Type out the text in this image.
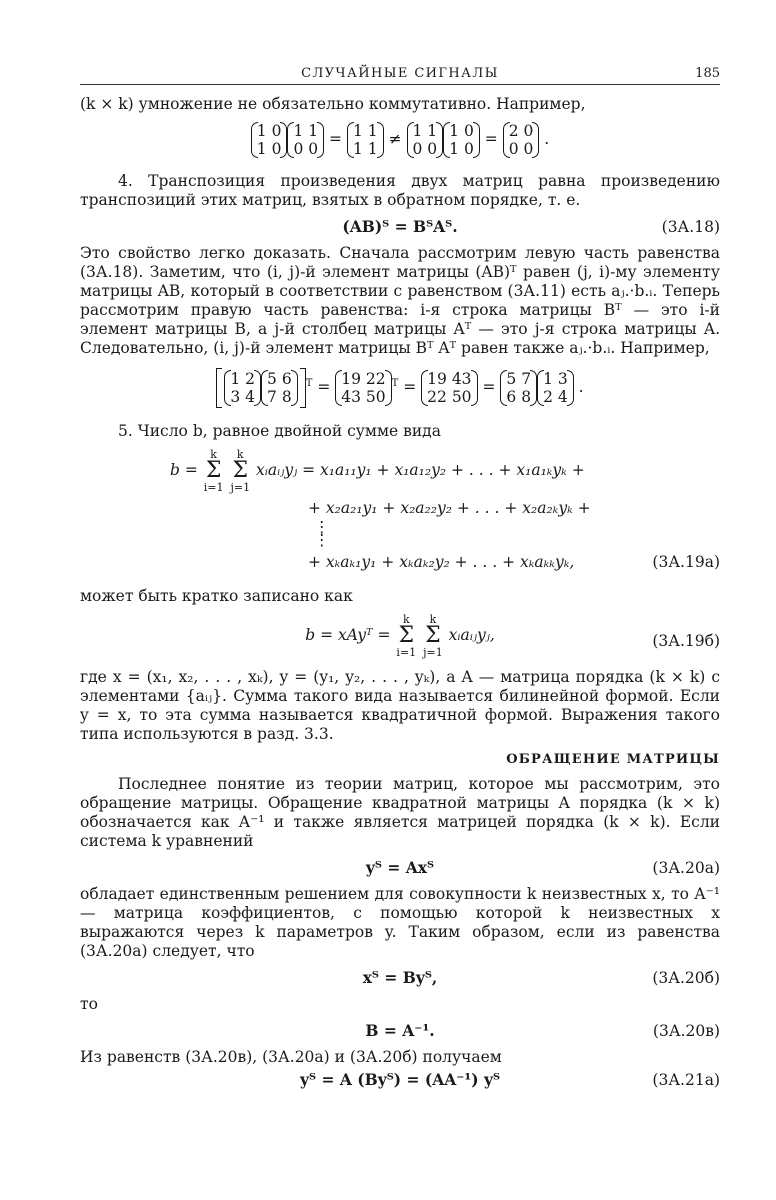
СЛУЧАЙНЫЕ СИГНАЛЫ	185

(k × k) умножение не обязательно коммутативно. Например,

1 0
1 0
1 1
0 0
= 1 1
1 1
≠ 1 1
0 0
1 0
1 0
= 2 0
0 0
.

4. Транспозиция произведения двух матриц равна произведению транспозиций этих матриц, взятых в обратном порядке, т. е.

(AB)ᵀ = BᵀAᵀ.	(3А.18)

Это свойство легко доказать. Сначала рассмотрим левую часть равенства (3А.18). Заметим, что (i, j)-й элемент матрицы (AB)ᵀ равен (j, i)-му элементу матрицы AB, который в соответствии с равенством (3А.11) есть aⱼ.·b.ᵢ. Теперь рассмотрим правую часть равенства: i-я строка матрицы Bᵀ — это i-й элемент матрицы B, а j-й столбец матрицы Aᵀ — это j-я строка матрицы A. Следовательно, (i, j)-й элемент матрицы Bᵀ Aᵀ равен также aⱼ.·b.ᵢ. Например,

1 2
3 4
5 6
7 8
$^T$ = 19 22
43 50
$^T$ = 19 43
22 50
= 5 7
6 8
1 3
2 4
.

5. Число b, равное двойной сумме вида

b = k
Σ
i=1 k
Σ
j=1 xᵢaᵢⱼyⱼ = x₁a₁₁y₁ + x₁a₁₂y₂ + . . . + x₁a₁ₖyₖ +
+ x₂a₂₁y₁ + x₂a₂₂y₂ + . . . + x₂a₂ₖyₖ +
⋮
⋮
+ xₖaₖ₁y₁ + xₖaₖ₂y₂ + . . . + xₖaₖₖyₖ,	(3А.19а)

может быть кратко записано как

b = xAyᵀ = k
Σ
i=1 k
Σ
j=1 xᵢaᵢⱼyⱼ,	(3А.19б)

где x = (x₁, x₂, . . . , xₖ), y = (y₁, y₂, . . . , yₖ), а A — матрица порядка (k × k) с элементами {aᵢⱼ}. Сумма такого вида называется билинейной формой. Если y = x, то эта сумма называется квадратичной формой. Выражения такого типа используются в разд. 3.3.

ОБРАЩЕНИЕ МАТРИЦЫ

Последнее понятие из теории матриц, которое мы рассмотрим, это обращение матрицы. Обращение квадратной матрицы A порядка (k × k) обозначается как A⁻¹ и также является матрицей порядка (k × k). Если система k уравнений

yᵀ = Axᵀ	(3А.20а)

обладает единственным решением для совокупности k неизвестных x, то A⁻¹ — матрица коэффициентов, с помощью которой k неизвестных x выражаются через k параметров y. Таким образом, если из равенства (3А.20а) следует, что

xᵀ = Byᵀ,	(3А.20б)

то

B = A⁻¹.	(3А.20в)

Из равенств (3А.20в), (3А.20а) и (3А.20б) получаем

yᵀ = A (Byᵀ) = (AA⁻¹) yᵀ	(3А.21а)
